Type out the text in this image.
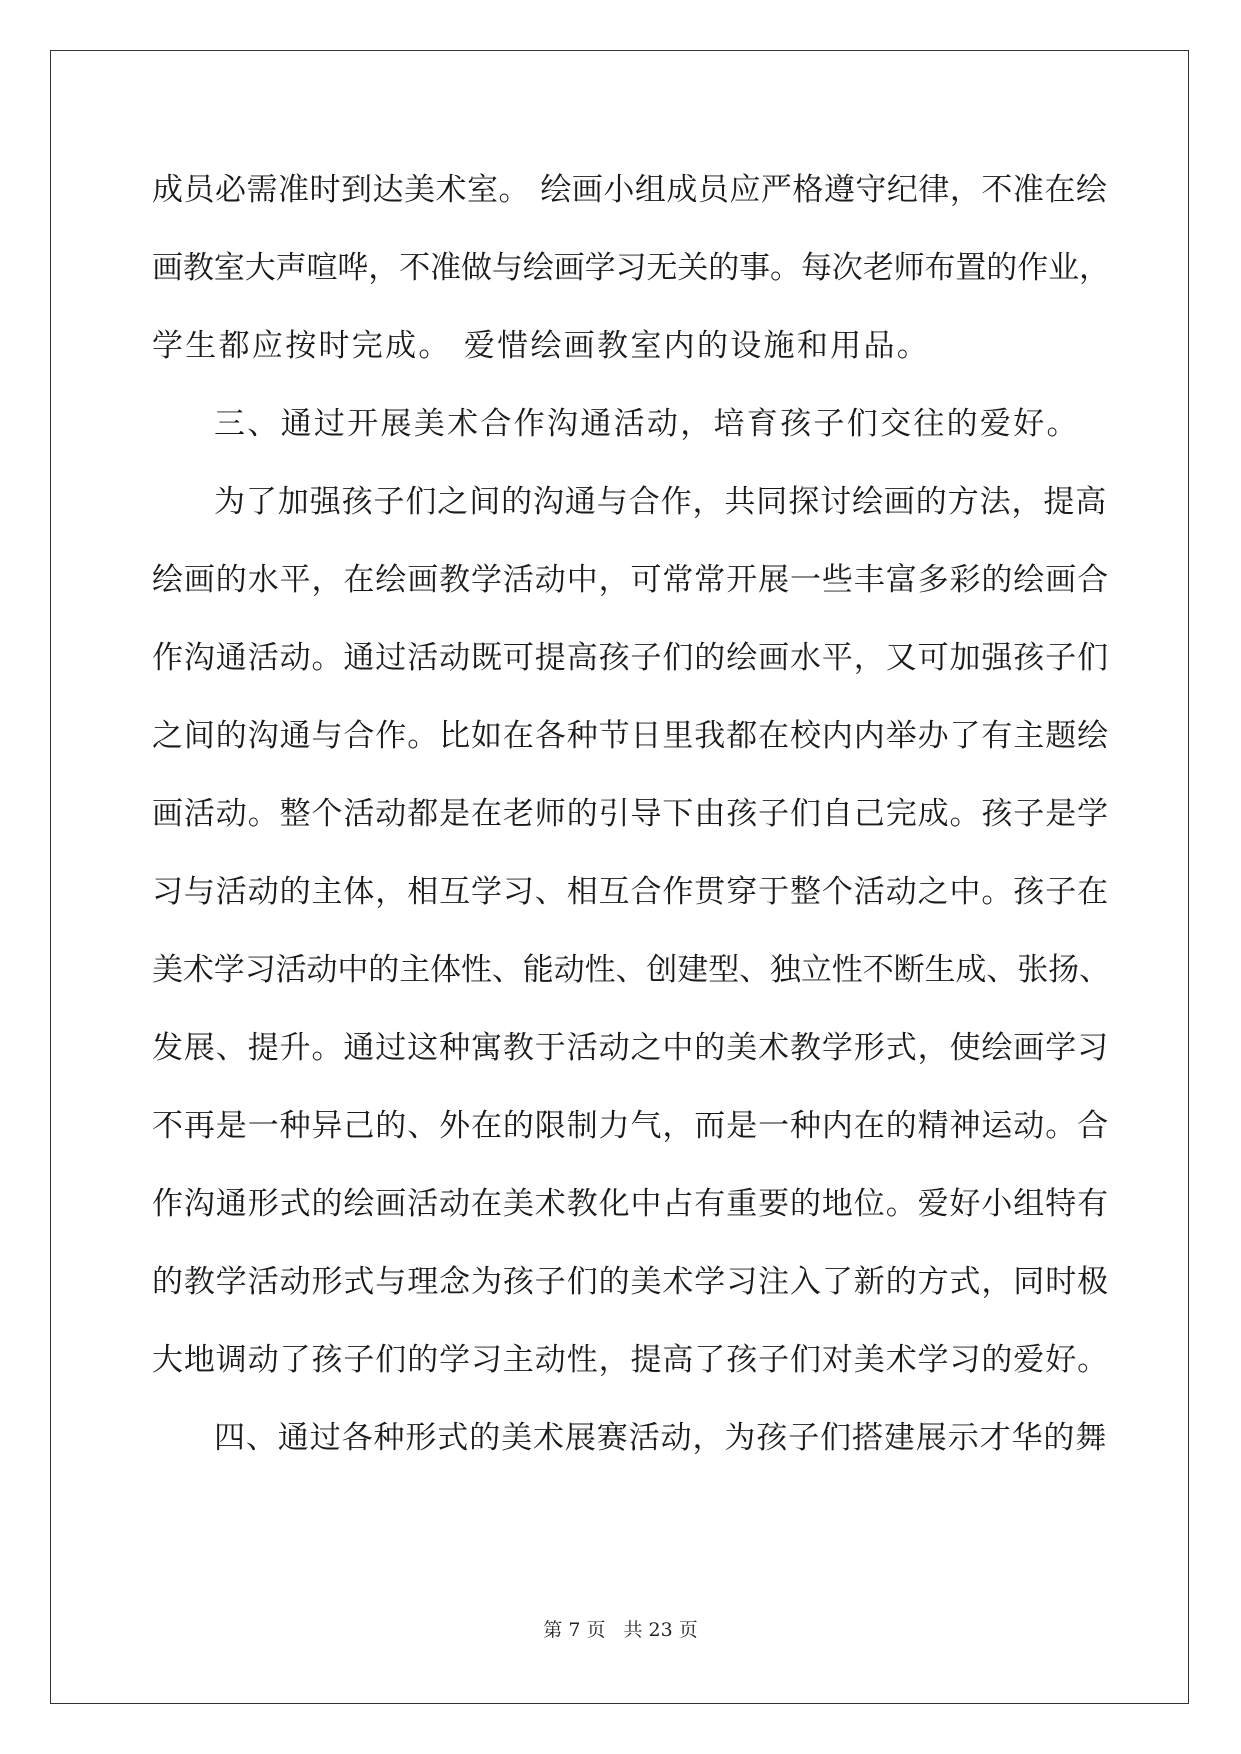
成员必需准时到达美术室。 绘画小组成员应严格遵守纪律，不准在绘
画教室大声喧哗，不准做与绘画学习无关的事。每次老师布置的作业，
学生都应按时完成。 爱惜绘画教室内的设施和用品。
三、通过开展美术合作沟通活动，培育孩子们交往的爱好。
为了加强孩子们之间的沟通与合作，共同探讨绘画的方法，提高
绘画的水平，在绘画教学活动中，可常常开展一些丰富多彩的绘画合
作沟通活动。通过活动既可提高孩子们的绘画水平，又可加强孩子们
之间的沟通与合作。比如在各种节日里我都在校内内举办了有主题绘
画活动。整个活动都是在老师的引导下由孩子们自己完成。孩子是学
习与活动的主体，相互学习、相互合作贯穿于整个活动之中。孩子在
美术学习活动中的主体性、能动性、创建型、独立性不断生成、张扬、
发展、提升。通过这种寓教于活动之中的美术教学形式，使绘画学习
不再是一种异己的、外在的限制力气，而是一种内在的精神运动。合
作沟通形式的绘画活动在美术教化中占有重要的地位。爱好小组特有
的教学活动形式与理念为孩子们的美术学习注入了新的方式，同时极
大地调动了孩子们的学习主动性，提高了孩子们对美术学习的爱好。
四、通过各种形式的美术展赛活动，为孩子们搭建展示才华的舞
第 7 页 共 23 页
